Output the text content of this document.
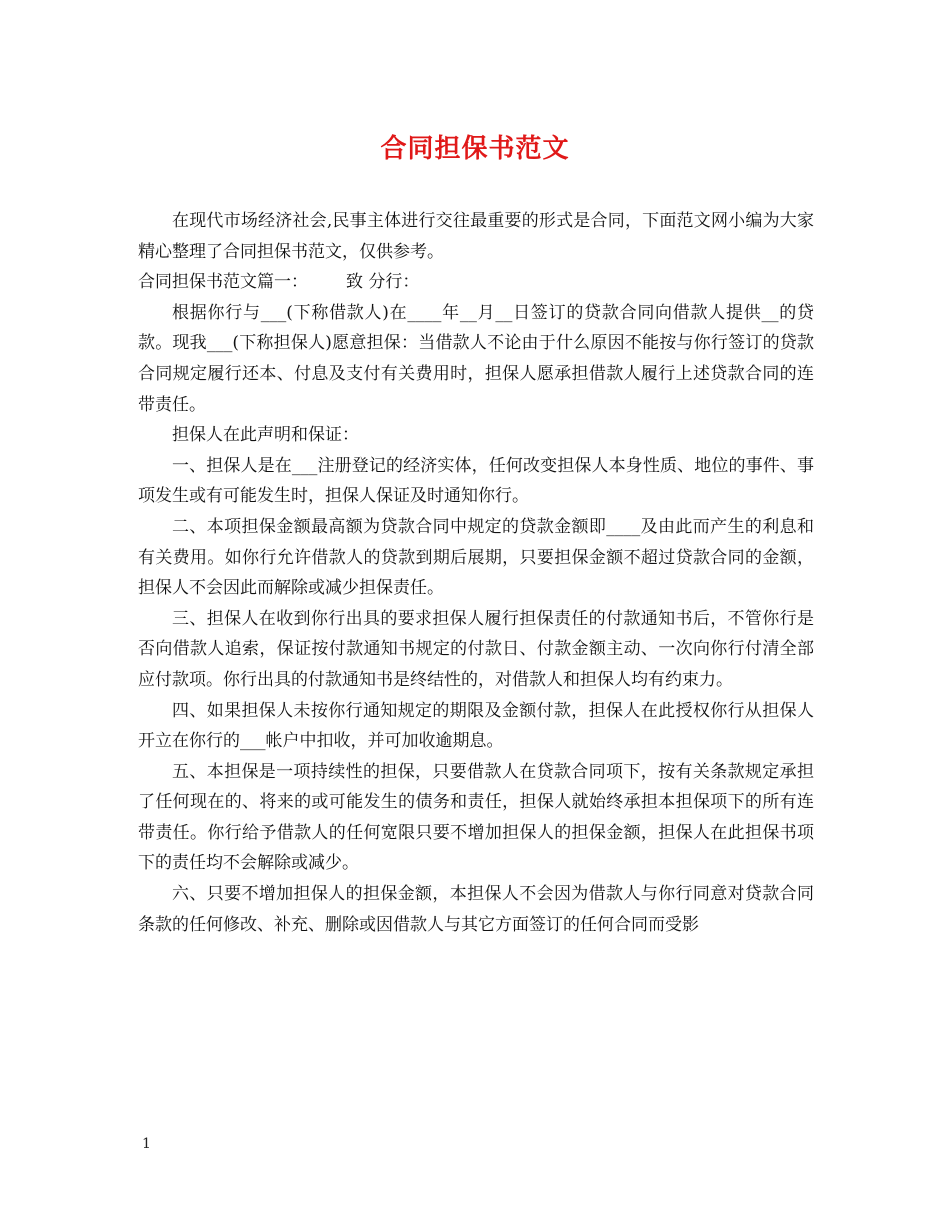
合同担保书范文

在现代市场经济社会,民事主体进行交往最重要的形式是合同，下面范文网小编为大家精心整理了合同担保书范文，仅供参考。

合同担保书范文篇一： 致 分行：

根据你行与___(下称借款人)在____年__月__日签订的贷款合同向借款人提供__的贷款。现我___(下称担保人)愿意担保：当借款人不论由于什么原因不能按与你行签订的贷款合同规定履行还本、付息及支付有关费用时，担保人愿承担借款人履行上述贷款合同的连带责任。

担保人在此声明和保证：

一、担保人是在___注册登记的经济实体，任何改变担保人本身性质、地位的事件、事项发生或有可能发生时，担保人保证及时通知你行。

二、本项担保金额最高额为贷款合同中规定的贷款金额即____及由此而产生的利息和有关费用。如你行允许借款人的贷款到期后展期，只要担保金额不超过贷款合同的金额，担保人不会因此而解除或减少担保责任。

三、担保人在收到你行出具的要求担保人履行担保责任的付款通知书后，不管你行是否向借款人追索，保证按付款通知书规定的付款日、付款金额主动、一次向你行付清全部应付款项。你行出具的付款通知书是终结性的，对借款人和担保人均有约束力。

四、如果担保人未按你行通知规定的期限及金额付款，担保人在此授权你行从担保人开立在你行的___帐户中扣收，并可加收逾期息。

五、本担保是一项持续性的担保，只要借款人在贷款合同项下，按有关条款规定承担了任何现在的、将来的或可能发生的债务和责任，担保人就始终承担本担保项下的所有连带责任。你行给予借款人的任何宽限只要不增加担保人的担保金额，担保人在此担保书项下的责任均不会解除或减少。

六、只要不增加担保人的担保金额，本担保人不会因为借款人与你行同意对贷款合同条款的任何修改、补充、删除或因借款人与其它方面签订的任何合同而受影

1
